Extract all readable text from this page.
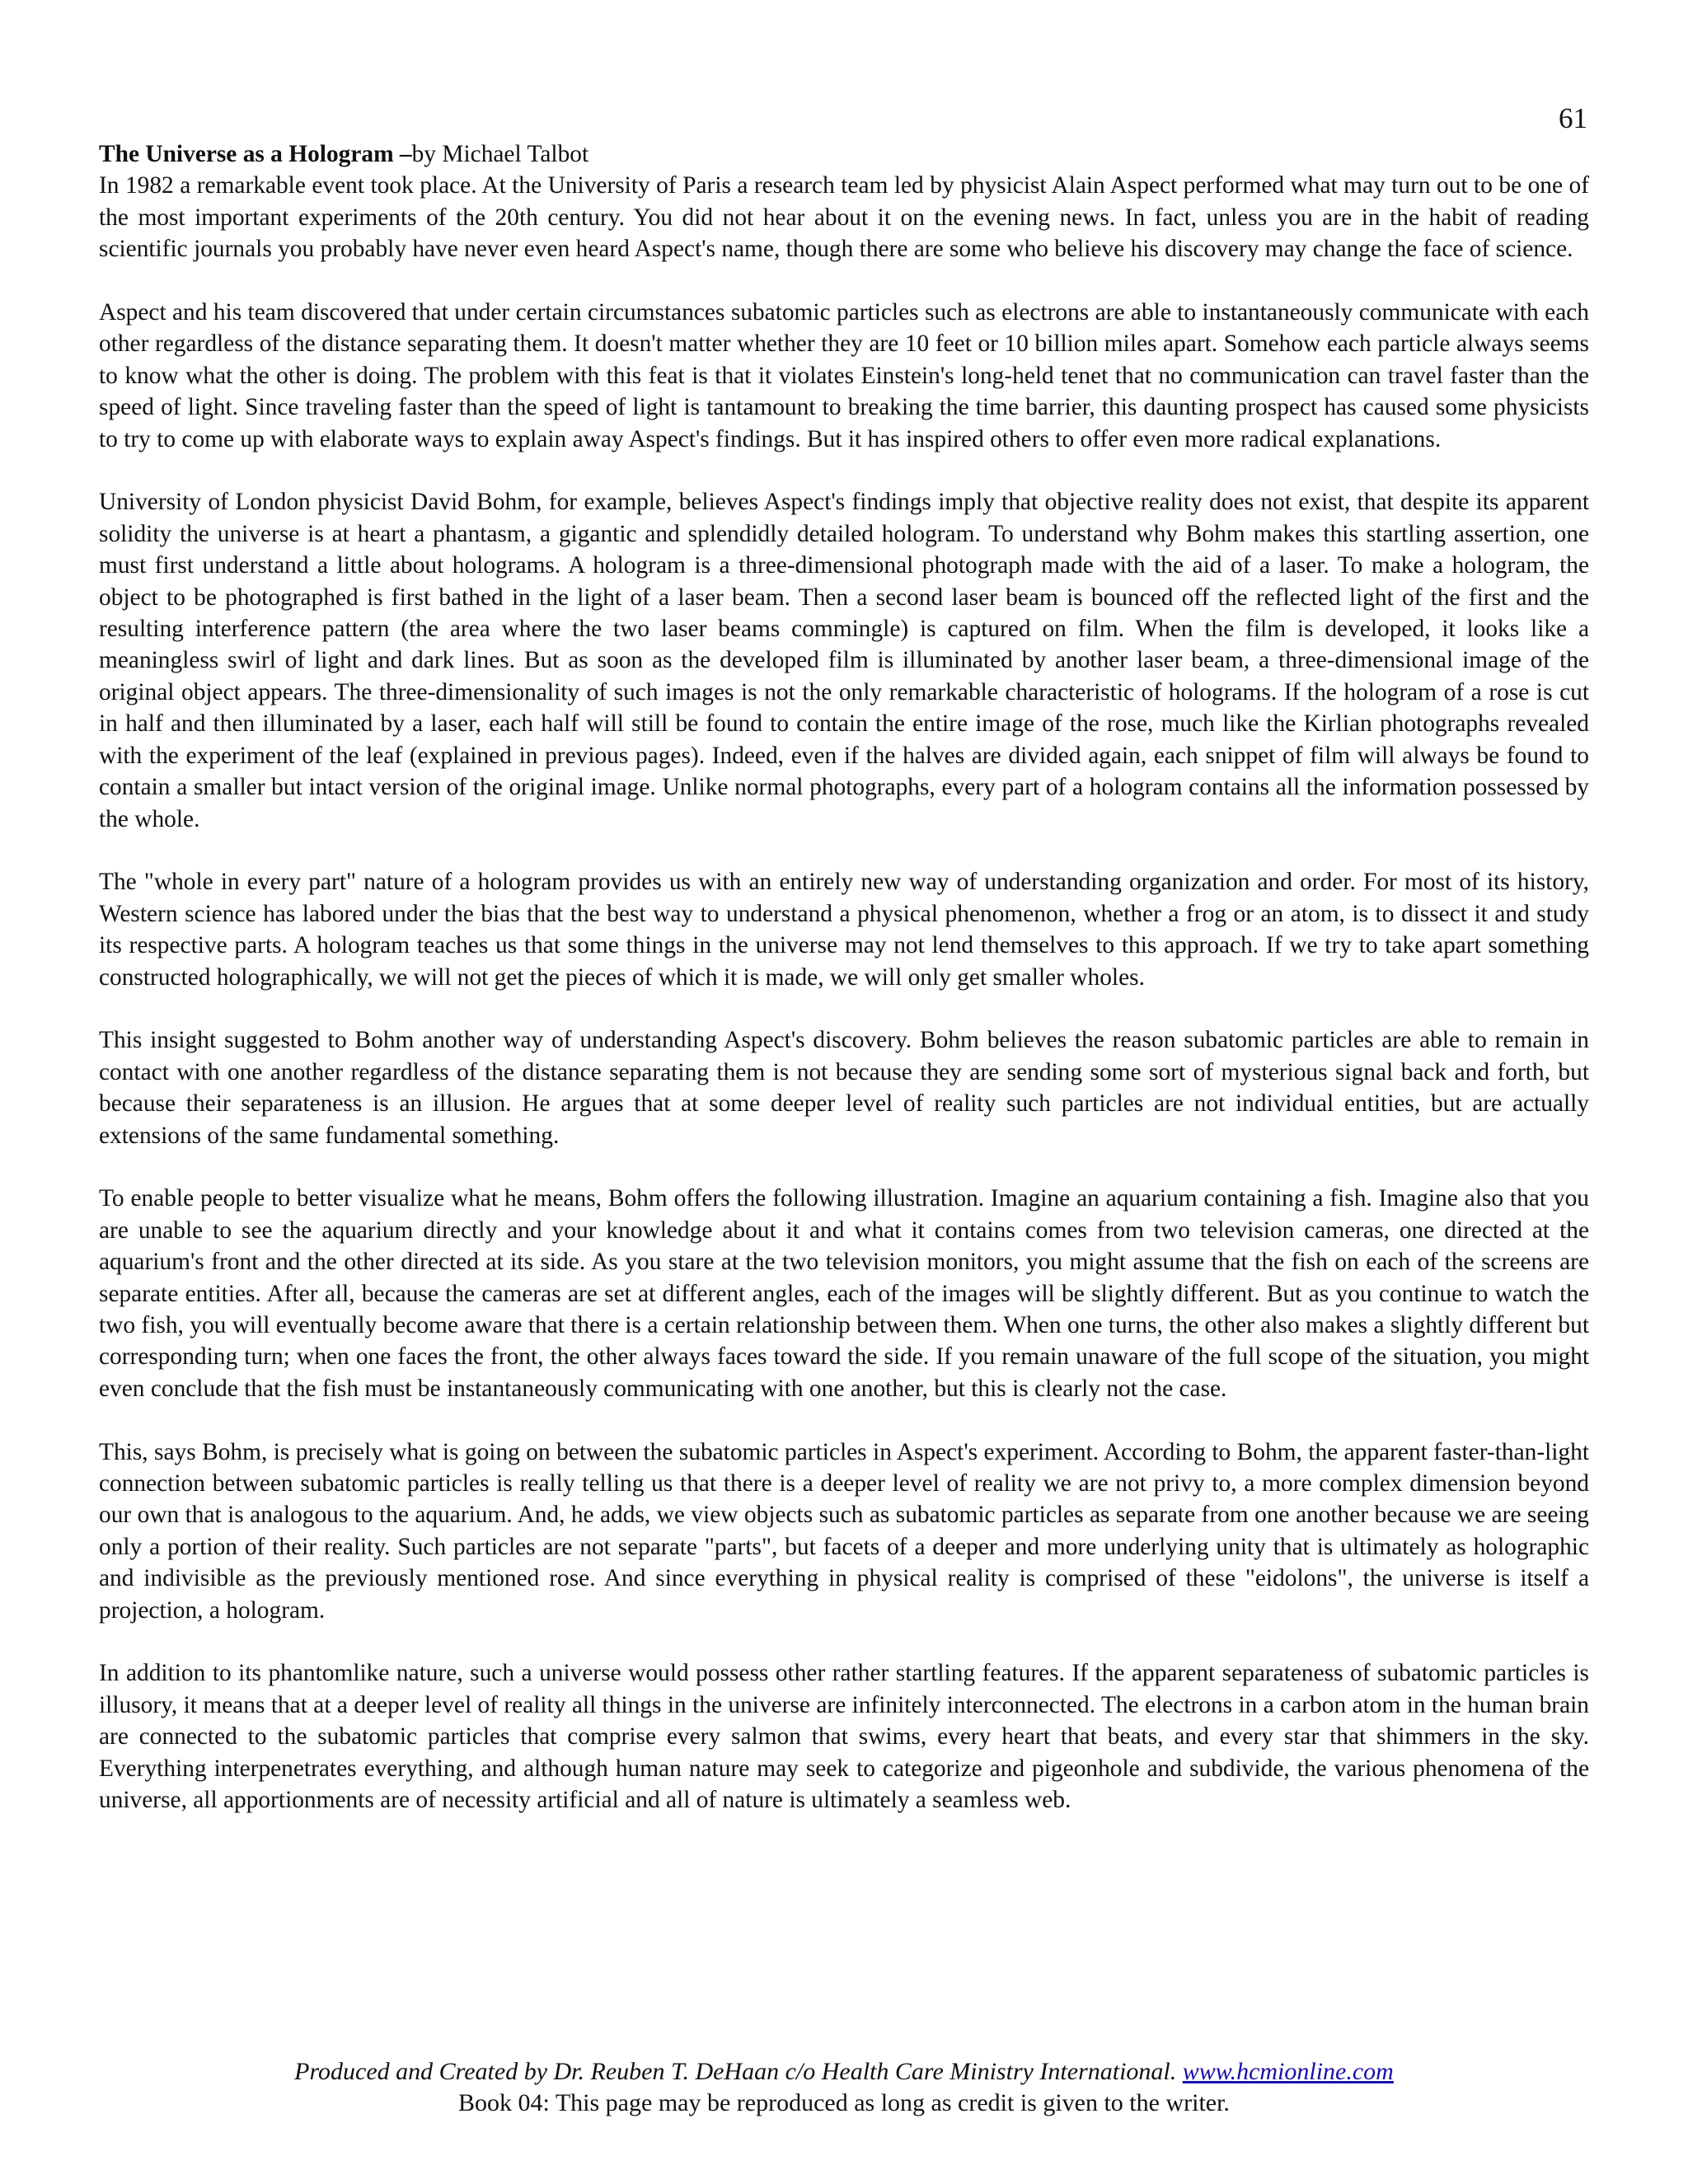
61

The Universe as a Hologram –by Michael Talbot

In 1982 a remarkable event took place. At the University of Paris a research team led by physicist Alain Aspect performed what may turn out to be one of the most important experiments of the 20th century. You did not hear about it on the evening news. In fact, unless you are in the habit of reading scientific journals you probably have never even heard Aspect's name, though there are some who believe his discovery may change the face of science.

Aspect and his team discovered that under certain circumstances subatomic particles such as electrons are able to instantaneously communicate with each other regardless of the distance separating them. It doesn't matter whether they are 10 feet or 10 billion miles apart. Somehow each particle always seems to know what the other is doing. The problem with this feat is that it violates Einstein's long-held tenet that no communication can travel faster than the speed of light. Since traveling faster than the speed of light is tantamount to breaking the time barrier, this daunting prospect has caused some physicists to try to come up with elaborate ways to explain away Aspect's findings. But it has inspired others to offer even more radical explanations.

University of London physicist David Bohm, for example, believes Aspect's findings imply that objective reality does not exist, that despite its apparent solidity the universe is at heart a phantasm, a gigantic and splendidly detailed hologram. To understand why Bohm makes this startling assertion, one must first understand a little about holograms. A hologram is a three-dimensional photograph made with the aid of a laser. To make a hologram, the object to be photographed is first bathed in the light of a laser beam. Then a second laser beam is bounced off the reflected light of the first and the resulting interference pattern (the area where the two laser beams commingle) is captured on film. When the film is developed, it looks like a meaningless swirl of light and dark lines. But as soon as the developed film is illuminated by another laser beam, a three-dimensional image of the original object appears. The three-dimensionality of such images is not the only remarkable characteristic of holograms. If the hologram of a rose is cut in half and then illuminated by a laser, each half will still be found to contain the entire image of the rose, much like the Kirlian photographs revealed with the experiment of the leaf (explained in previous pages). Indeed, even if the halves are divided again, each snippet of film will always be found to contain a smaller but intact version of the original image. Unlike normal photographs, every part of a hologram contains all the information possessed by the whole.

The "whole in every part" nature of a hologram provides us with an entirely new way of understanding organization and order. For most of its history, Western science has labored under the bias that the best way to understand a physical phenomenon, whether a frog or an atom, is to dissect it and study its respective parts. A hologram teaches us that some things in the universe may not lend themselves to this approach. If we try to take apart something constructed holographically, we will not get the pieces of which it is made, we will only get smaller wholes.

This insight suggested to Bohm another way of understanding Aspect's discovery. Bohm believes the reason subatomic particles are able to remain in contact with one another regardless of the distance separating them is not because they are sending some sort of mysterious signal back and forth, but because their separateness is an illusion. He argues that at some deeper level of reality such particles are not individual entities, but are actually extensions of the same fundamental something.

To enable people to better visualize what he means, Bohm offers the following illustration. Imagine an aquarium containing a fish. Imagine also that you are unable to see the aquarium directly and your knowledge about it and what it contains comes from two television cameras, one directed at the aquarium's front and the other directed at its side. As you stare at the two television monitors, you might assume that the fish on each of the screens are separate entities. After all, because the cameras are set at different angles, each of the images will be slightly different. But as you continue to watch the two fish, you will eventually become aware that there is a certain relationship between them. When one turns, the other also makes a slightly different but corresponding turn; when one faces the front, the other always faces toward the side. If you remain unaware of the full scope of the situation, you might even conclude that the fish must be instantaneously communicating with one another, but this is clearly not the case.

This, says Bohm, is precisely what is going on between the subatomic particles in Aspect's experiment. According to Bohm, the apparent faster-than-light connection between subatomic particles is really telling us that there is a deeper level of reality we are not privy to, a more complex dimension beyond our own that is analogous to the aquarium. And, he adds, we view objects such as subatomic particles as separate from one another because we are seeing only a portion of their reality. Such particles are not separate "parts", but facets of a deeper and more underlying unity that is ultimately as holographic and indivisible as the previously mentioned rose. And since everything in physical reality is comprised of these "eidolons", the universe is itself a projection, a hologram.

In addition to its phantomlike nature, such a universe would possess other rather startling features. If the apparent separateness of subatomic particles is illusory, it means that at a deeper level of reality all things in the universe are infinitely interconnected. The electrons in a carbon atom in the human brain are connected to the subatomic particles that comprise every salmon that swims, every heart that beats, and every star that shimmers in the sky. Everything interpenetrates everything, and although human nature may seek to categorize and pigeonhole and subdivide, the various phenomena of the universe, all apportionments are of necessity artificial and all of nature is ultimately a seamless web.

Produced and Created by Dr. Reuben T. DeHaan c/o Health Care Ministry International. www.hcmionline.com
Book 04: This page may be reproduced as long as credit is given to the writer.
